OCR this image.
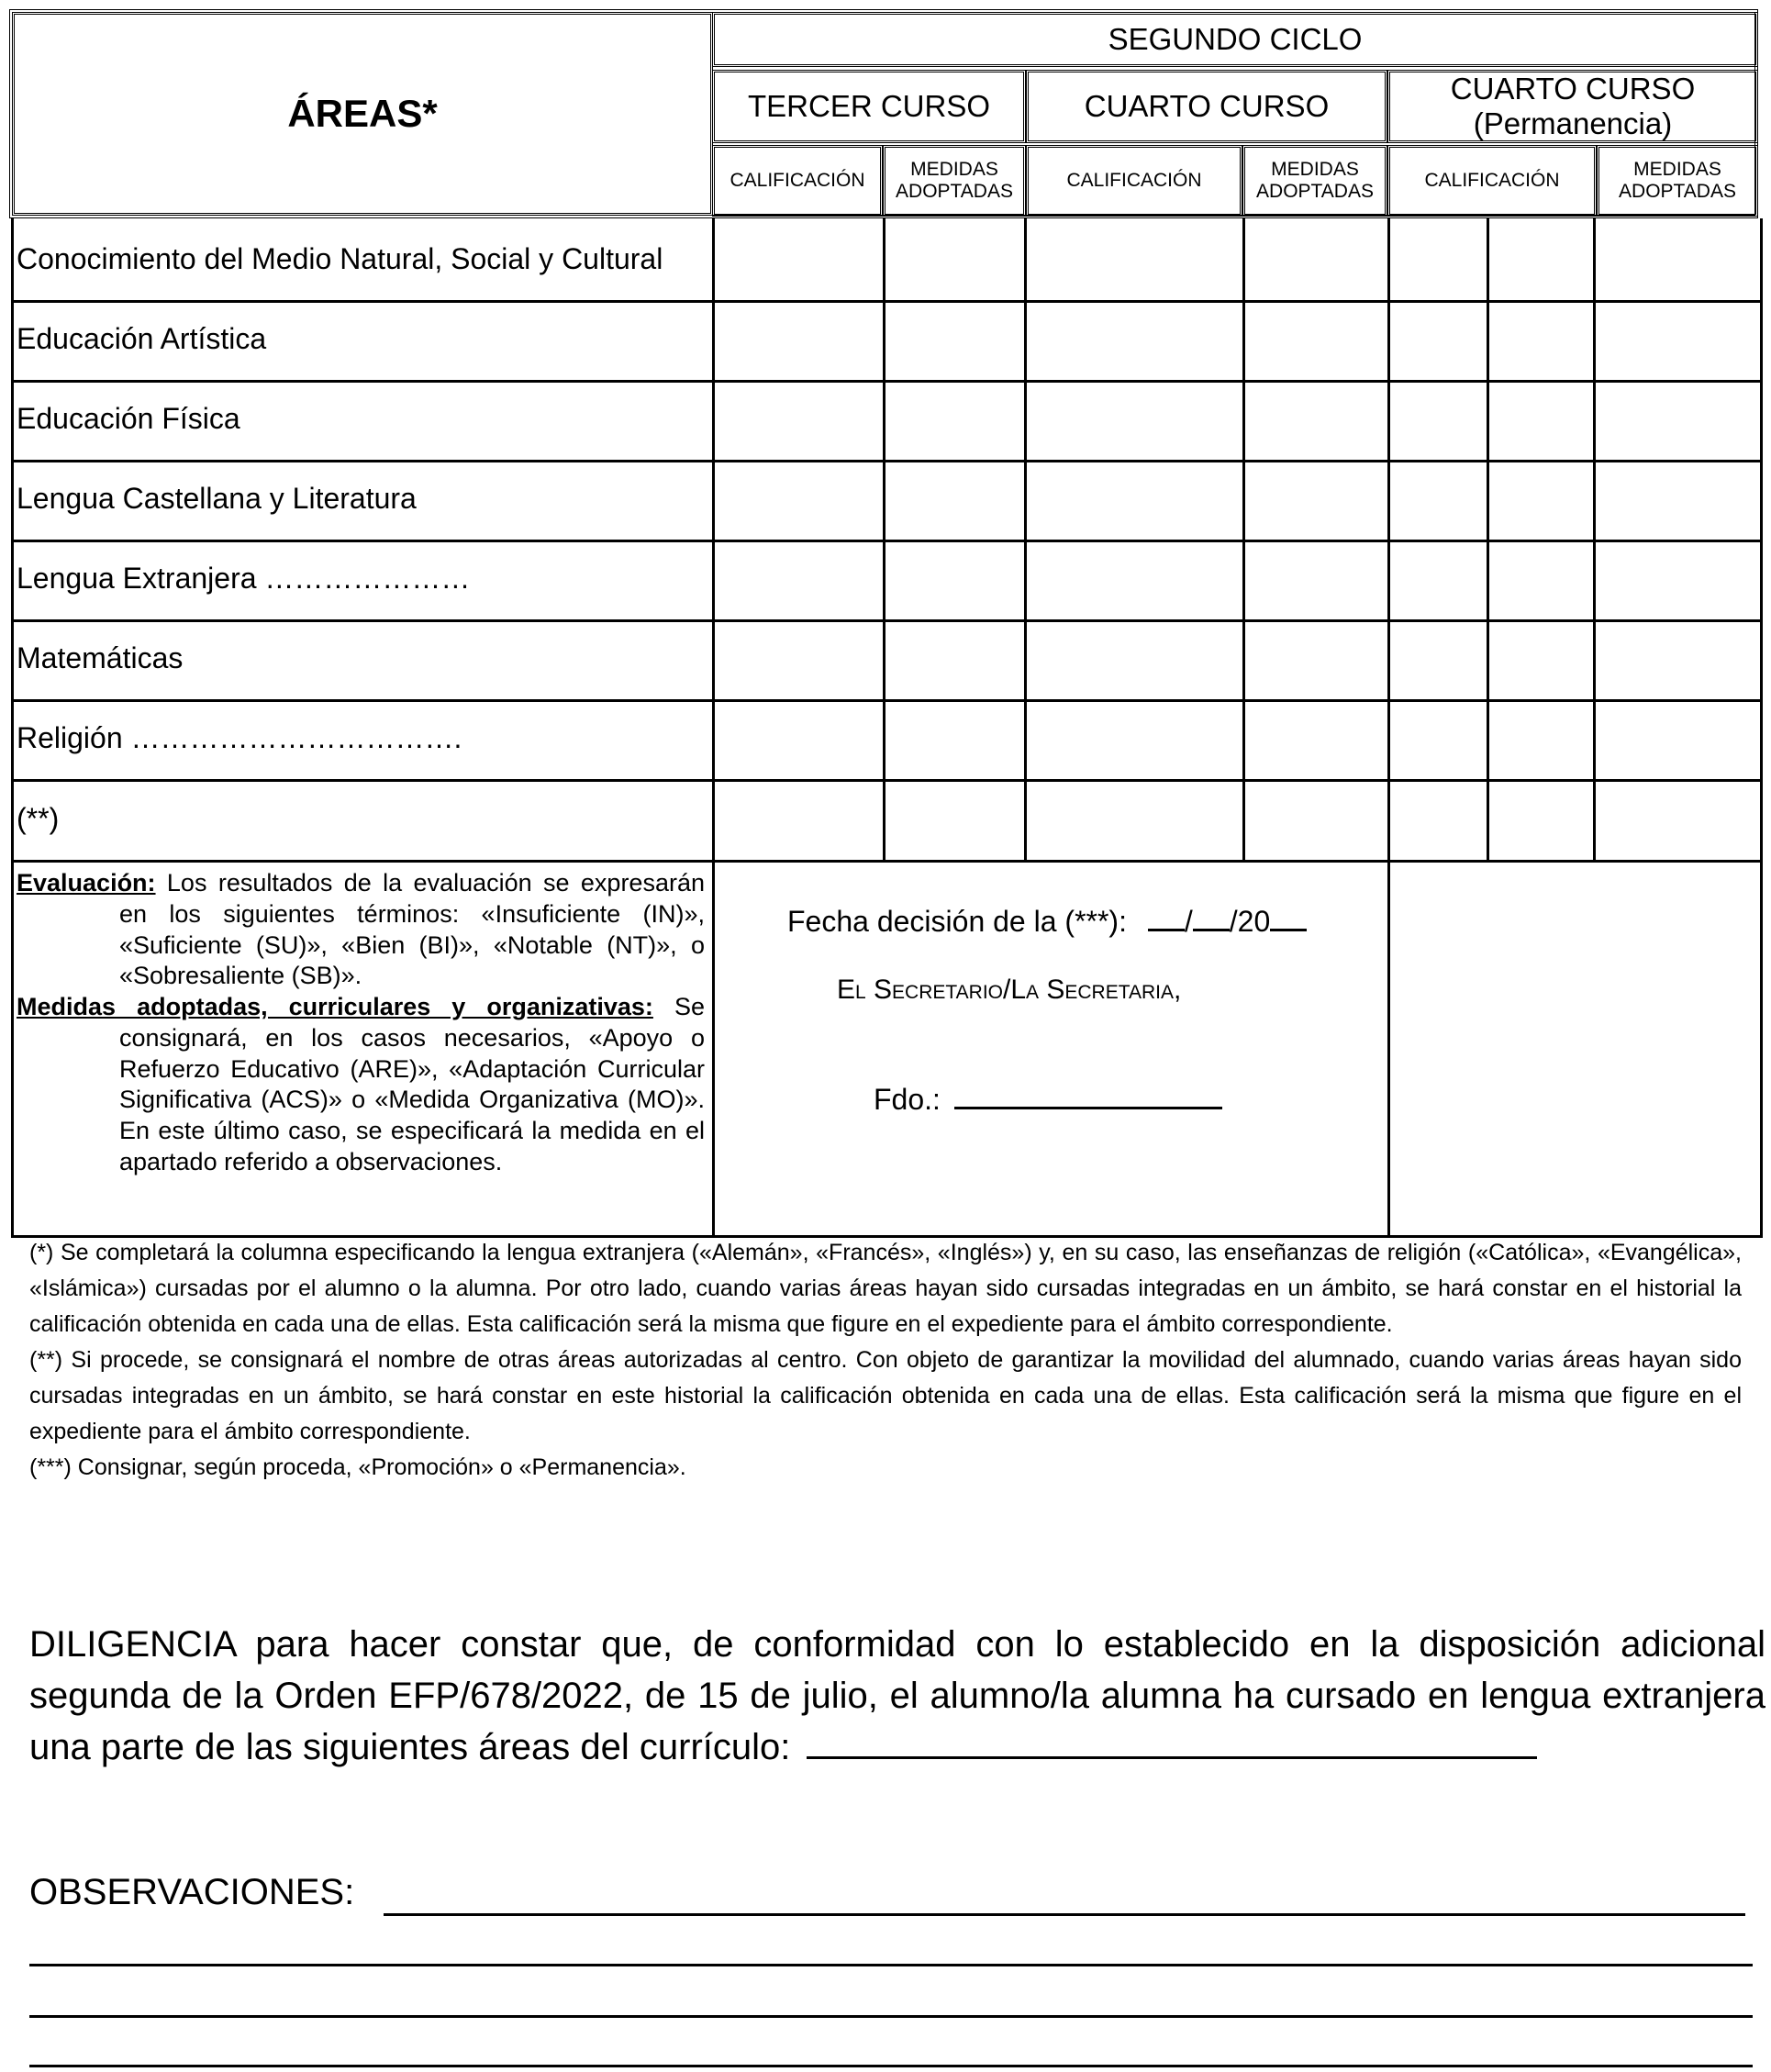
ÁREAS*
SEGUNDO CICLO
TERCER CURSO	CUARTO CURSO
CUARTO CURSO
(Permanencia)
CALIFICACIÓN
MEDIDAS
ADOPTADAS
CALIFICACIÓN
MEDIDAS
ADOPTADAS
CALIFICACIÓN
MEDIDAS
ADOPTADAS
Conocimiento del Medio Natural, Social y Cultural
Educación Artística
Educación Física
Lengua Castellana y Literatura
Lengua Extranjera …………………
Matemáticas
Religión …………………………….
(**)

Evaluación: Los resultados de la evaluación se expresarán en los siguientes términos: «Insuficiente (IN)», «Suficiente (SU)», «Bien (BI)», «Notable (NT)», o «Sobresaliente (SB)».

Medidas adoptadas, curriculares y organizativas: Se consignará, en los casos necesarios, «Apoyo o Refuerzo Educativo (ARE)», «Adaptación Curricular Significativa (ACS)» o «Medida Organizativa (MO)». En este último caso, se especificará la medida en el apartado referido a observaciones.

Fecha decisión de la (***): / /20
El Secretario/La Secretaria,
Fdo.:

(*) Se completará la columna especificando la lengua extranjera («Alemán», «Francés», «Inglés») y, en su caso, las enseñanzas de religión («Católica», «Evangélica», «Islámica») cursadas por el alumno o la alumna. Por otro lado, cuando varias áreas hayan sido cursadas integradas en un ámbito, se hará constar en el historial la calificación obtenida en cada una de ellas. Esta calificación será la misma que figure en el expediente para el ámbito correspondiente.

(**) Si procede, se consignará el nombre de otras áreas autorizadas al centro. Con objeto de garantizar la movilidad del alumnado, cuando varias áreas hayan sido cursadas integradas en un ámbito, se hará constar en este historial la calificación obtenida en cada una de ellas. Esta calificación será la misma que figure en el expediente para el ámbito correspondiente.

(***) Consignar, según proceda, «Promoción» o «Permanencia».

DILIGENCIA para hacer constar que, de conformidad con lo establecido en la disposición adicional segunda de la Orden EFP/678/2022, de 15 de julio, el alumno/la alumna ha cursado en lengua extranjera una parte de las siguientes áreas del currículo:
OBSERVACIONES:
